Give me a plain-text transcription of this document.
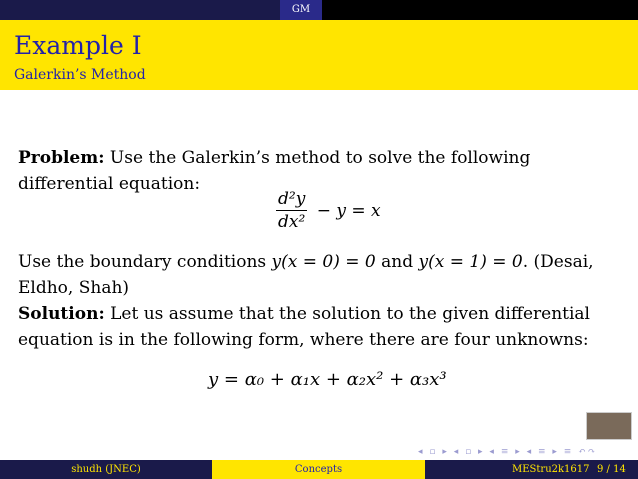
GM
Example I
Galerkin’s Method

Problem: Use the Galerkin’s method to solve the following differential equation:

$\frac{\text{d²y}}{\text{dx²}} - y = x$

Use the boundary conditions y(x = 0) = 0 and y(x = 1) = 0. (Desai, Eldho, Shah)

Solution: Let us assume that the solution to the given differential equation is in the following form, where there are four unknowns:

y = α₀ + α₁x + α₂x² + α₃x³
◂ ▫ ▸ ◂ ▫ ▸ ◂ ≡ ▸ ◂ ≡ ▸ ≡ ↶↷
shudh (JNEC)	Concepts	MEStru2k1617 9 / 14
